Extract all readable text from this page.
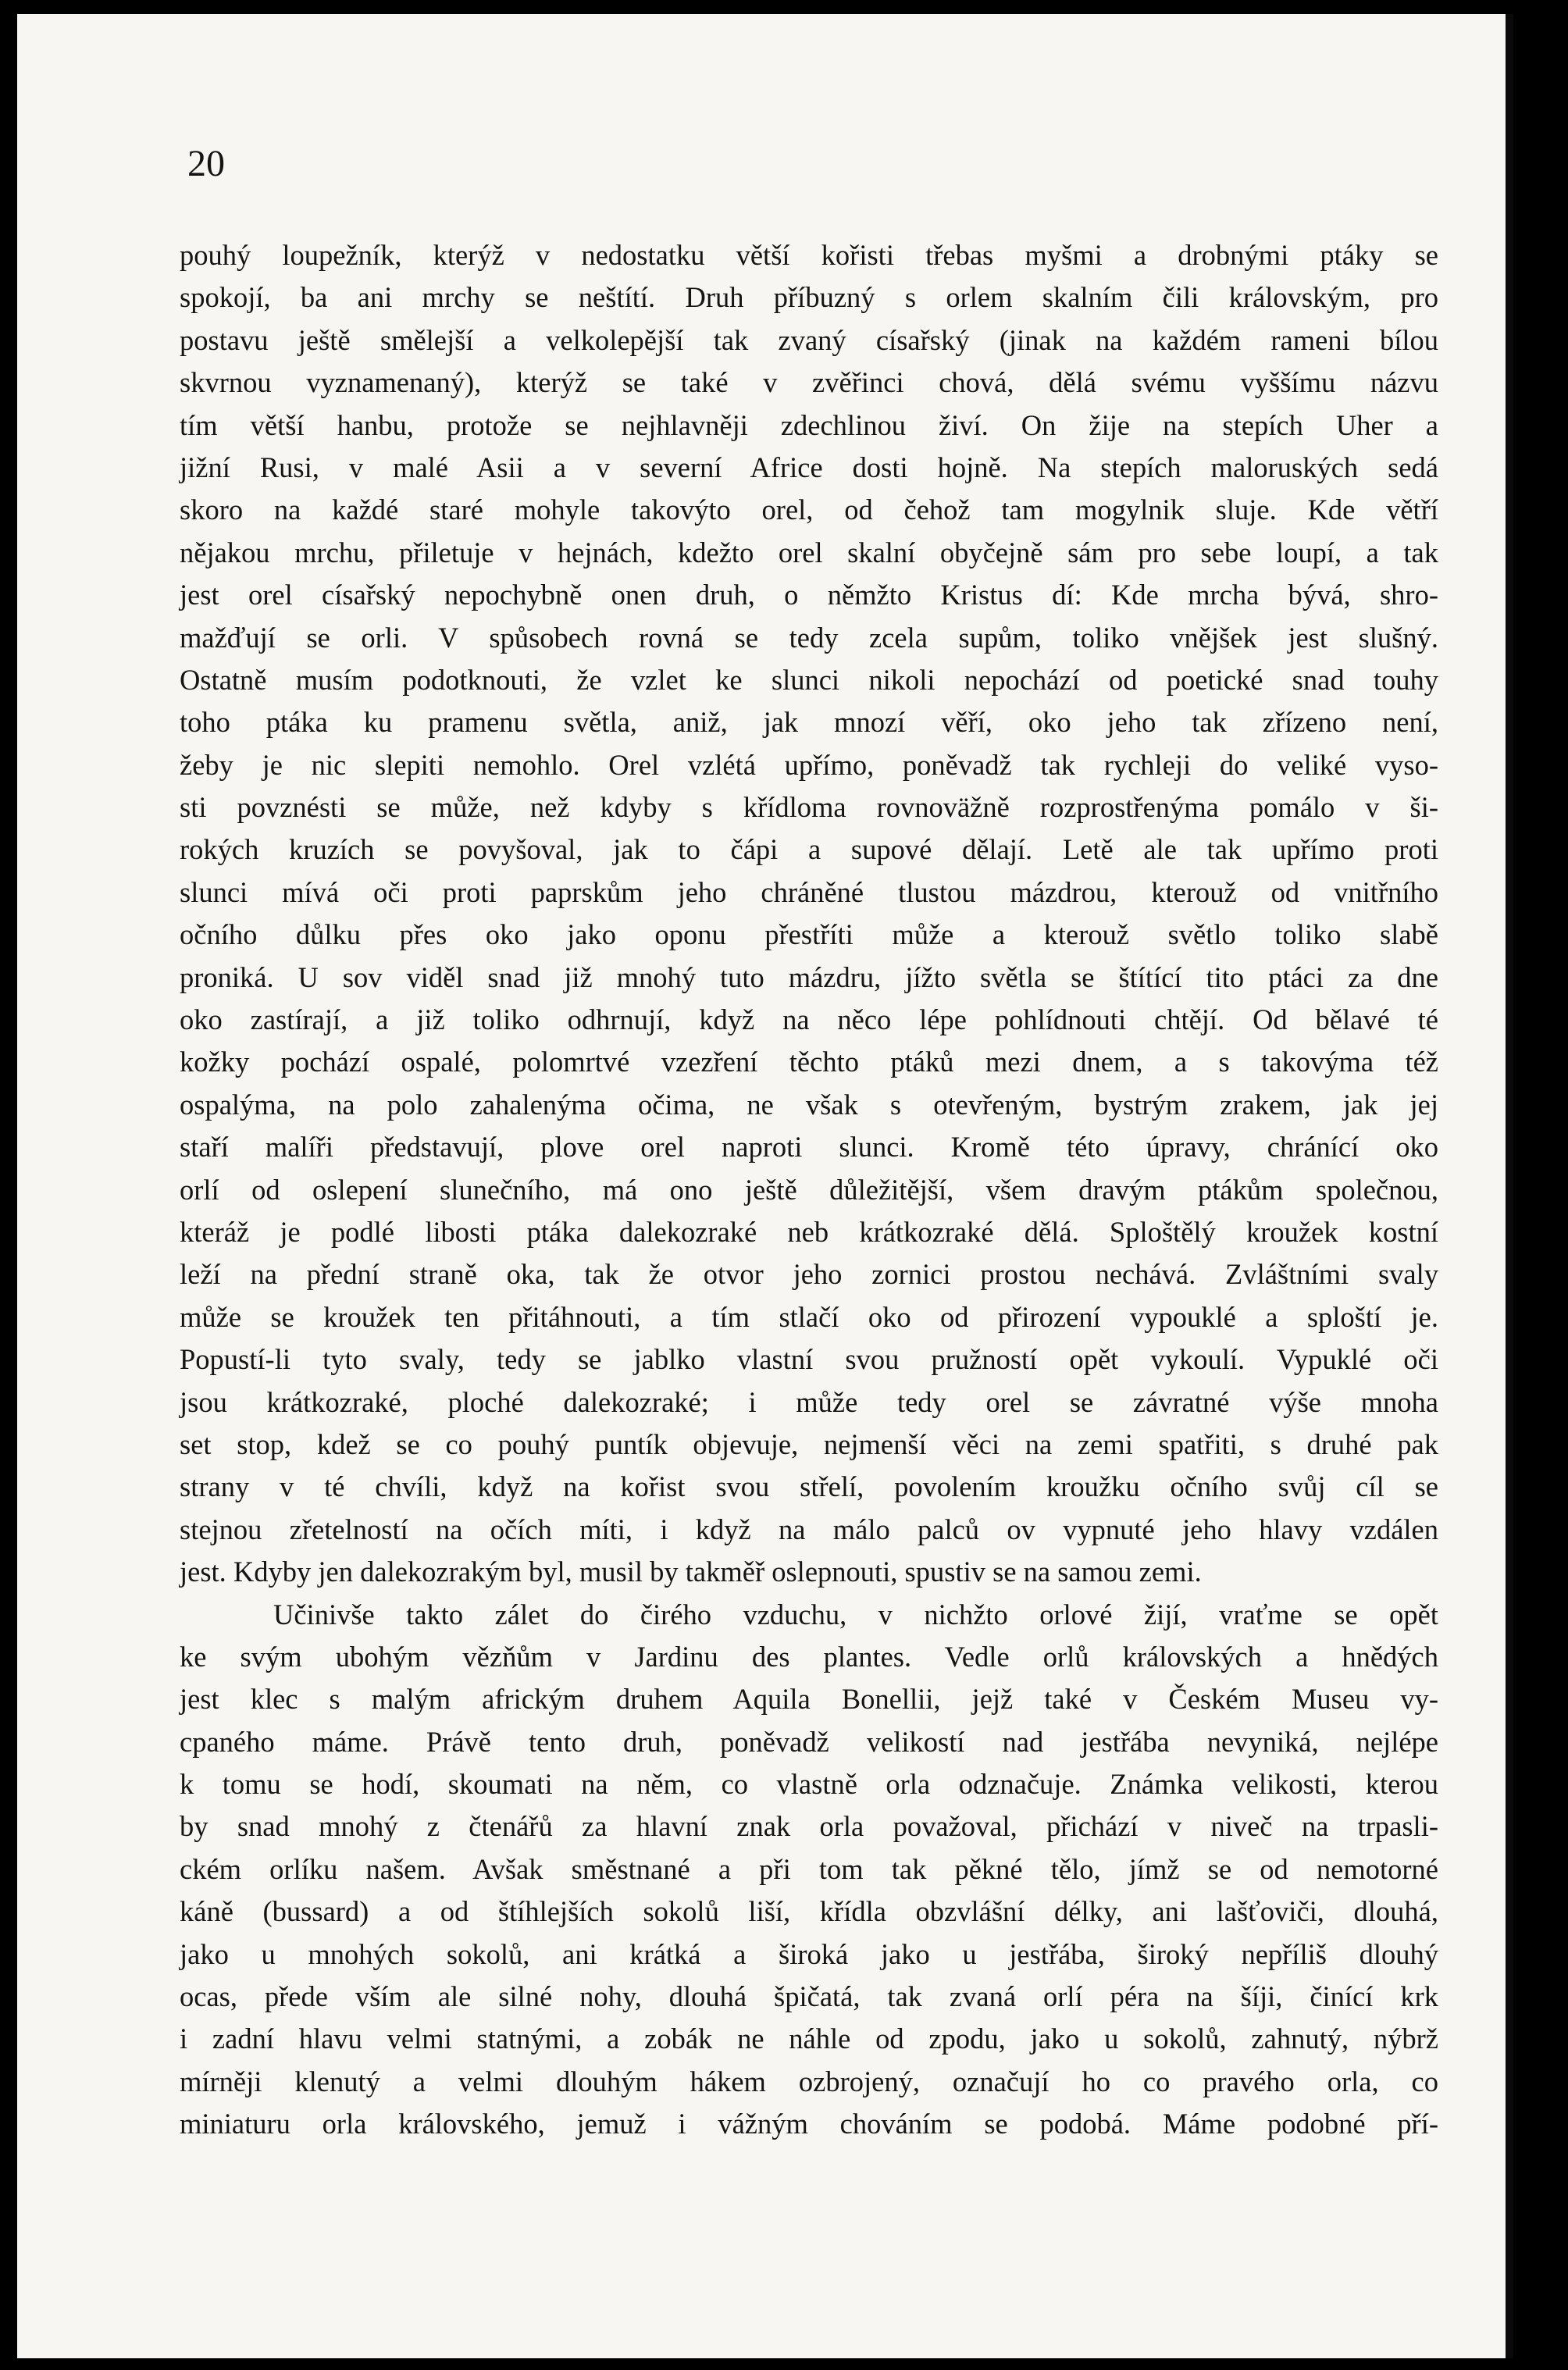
20
pouhý loupežník, kterýž v nedostatku větší kořisti třebas myšmi a drobnými ptáky se
spokojí, ba ani mrchy se neštítí. Druh příbuzný s orlem skalním čili královským, pro
postavu ještě smělejší a velkolepější tak zvaný císařský (jinak na každém rameni bílou
skvrnou vyznamenaný), kterýž se také v zvěřinci chová, dělá svému vyššímu názvu
tím větší hanbu, protože se nejhlavněji zdechlinou živí. On žije na stepích Uher a
jižní Rusi, v malé Asii a v severní Africe dosti hojně. Na stepích maloruských sedá
skoro na každé staré mohyle takovýto orel, od čehož tam mogylnik sluje. Kde větří
nějakou mrchu, přiletuje v hejnách, kdežto orel skalní obyčejně sám pro sebe loupí, a tak
jest orel císařský nepochybně onen druh, o němžto Kristus dí: Kde mrcha bývá, shro-
mažďují se orli. V spůsobech rovná se tedy zcela supům, toliko vnějšek jest slušný.
Ostatně musím podotknouti, že vzlet ke slunci nikoli nepochází od poetické snad touhy
toho ptáka ku pramenu světla, aniž, jak mnozí věří, oko jeho tak zřízeno není,
žeby je nic slepiti nemohlo. Orel vzlétá upřímo, poněvadž tak rychleji do veliké vyso-
sti povznésti se může, než kdyby s křídloma rovnoväžně rozprostřenýma pomálo v ši-
rokých kruzích se povyšoval, jak to čápi a supové dělají. Letě ale tak upřímo proti
slunci mívá oči proti paprskům jeho chráněné tlustou mázdrou, kterouž od vnitřního
očního důlku přes oko jako oponu přestříti může a kterouž světlo toliko slabě
proniká. U sov viděl snad již mnohý tuto mázdru, jížto světla se štítící tito ptáci za dne
oko zastírají, a již toliko odhrnují, když na něco lépe pohlídnouti chtějí. Od bělavé té
kožky pochází ospalé, polomrtvé vzezření těchto ptáků mezi dnem, a s takovýma též
ospalýma, na polo zahalenýma očima, ne však s otevřeným, bystrým zrakem, jak jej
staří malíři představují, plove orel naproti slunci. Kromě této úpravy, chránící oko
orlí od oslepení slunečního, má ono ještě důležitější, všem dravým ptákům společnou,
kteráž je podlé libosti ptáka dalekozraké neb krátkozraké dělá. Sploštělý kroužek kostní
leží na přední straně oka, tak že otvor jeho zornici prostou nechává. Zvláštními svaly
může se kroužek ten přitáhnouti, a tím stlačí oko od přirození vypouklé a sploští je.
Popustí-li tyto svaly, tedy se jablko vlastní svou pružností opět vykoulí. Vypuklé oči
jsou krátkozraké, ploché dalekozraké; i může tedy orel se závratné výše mnoha
set stop, kdež se co pouhý puntík objevuje, nejmenší věci na zemi spatřiti, s druhé pak
strany v té chvíli, když na kořist svou střelí, povolením kroužku očního svůj cíl se
stejnou zřetelností na očích míti, i když na málo palců ov vypnuté jeho hlavy vzdálen
jest. Kdyby jen dalekozrakým byl, musil by takměř oslepnouti, spustiv se na samou zemi.
Učinivše takto zálet do čirého vzduchu, v nichžto orlové žijí, vraťme se opět
ke svým ubohým vězňům v Jardinu des plantes. Vedle orlů královských a hnědých
jest klec s malým africkým druhem Aquila Bonellii, jejž také v Českém Museu vy-
cpaného máme. Právě tento druh, poněvadž velikostí nad jestřába nevyniká, nejlépe
k tomu se hodí, skoumati na něm, co vlastně orla odznačuje. Známka velikosti, kterou
by snad mnohý z čtenářů za hlavní znak orla považoval, přichází v niveč na trpasli-
ckém orlíku našem. Avšak směstnané a při tom tak pěkné tělo, jímž se od nemotorné
káně (bussard) a od štíhlejších sokolů liší, křídla obzvlášní délky, ani lašťoviči, dlouhá,
jako u mnohých sokolů, ani krátká a široká jako u jestřába, široký nepříliš dlouhý
ocas, přede vším ale silné nohy, dlouhá špičatá, tak zvaná orlí péra na šíji, činící krk
i zadní hlavu velmi statnými, a zobák ne náhle od zpodu, jako u sokolů, zahnutý, nýbrž
mírněji klenutý a velmi dlouhým hákem ozbrojený, označují ho co pravého orla, co
miniaturu orla královského, jemuž i vážným chováním se podobá. Máme podobné pří-
